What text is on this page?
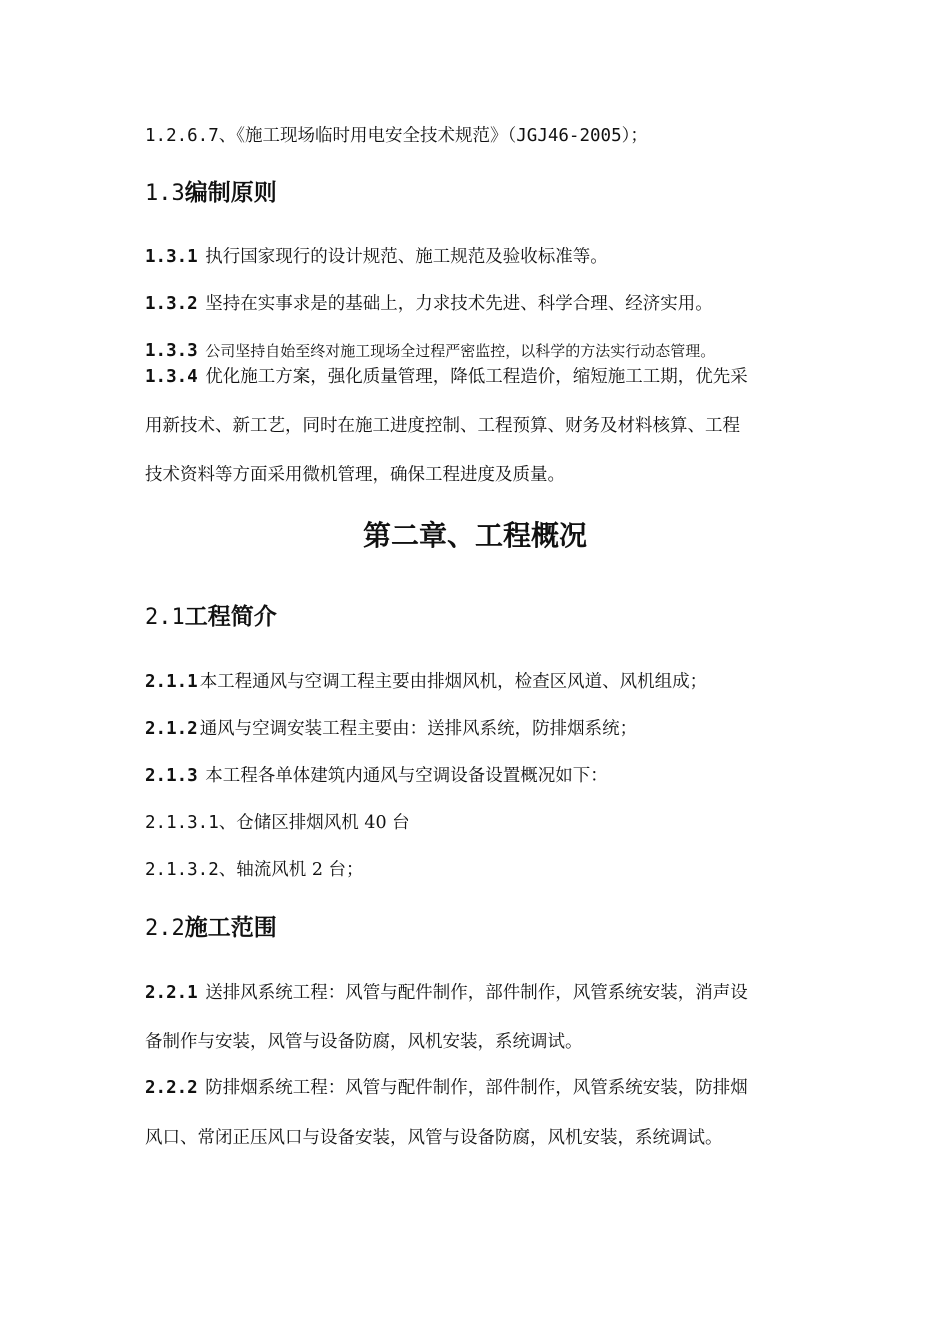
1.2.6.7、《施工现场临时用电安全技术规范》（JGJ46-2005）；
1.3编制原则
1.3.1 执行国家现行的设计规范、施工规范及验收标准等。
1.3.2 坚持在实事求是的基础上，力求技术先进、科学合理、经济实用。
1.3.3 公司坚持自始至终对施工现场全过程严密监控，以科学的方法实行动态管理。
1.3.4 优化施工方案，强化质量管理，降低工程造价，缩短施工工期，优先采
用新技术、新工艺，同时在施工进度控制、工程预算、财务及材料核算、工程
技术资料等方面采用微机管理，确保工程进度及质量。
第二章、工程概况
2.1工程简介
2.1.1 本工程通风与空调工程主要由排烟风机，检查区风道、风机组成；
2.1.2 通风与空调安装工程主要由：送排风系统，防排烟系统；
2.1.3 本工程各单体建筑内通风与空调设备设置概况如下：
2.1.3.1、仓储区排烟风机 40 台
2.1.3.2、轴流风机 2 台；
2.2施工范围
2.2.1 送排风系统工程：风管与配件制作，部件制作，风管系统安装，消声设
备制作与安装，风管与设备防腐，风机安装，系统调试。
2.2.2 防排烟系统工程：风管与配件制作，部件制作，风管系统安装，防排烟
风口、常闭正压风口与设备安装，风管与设备防腐，风机安装，系统调试。
